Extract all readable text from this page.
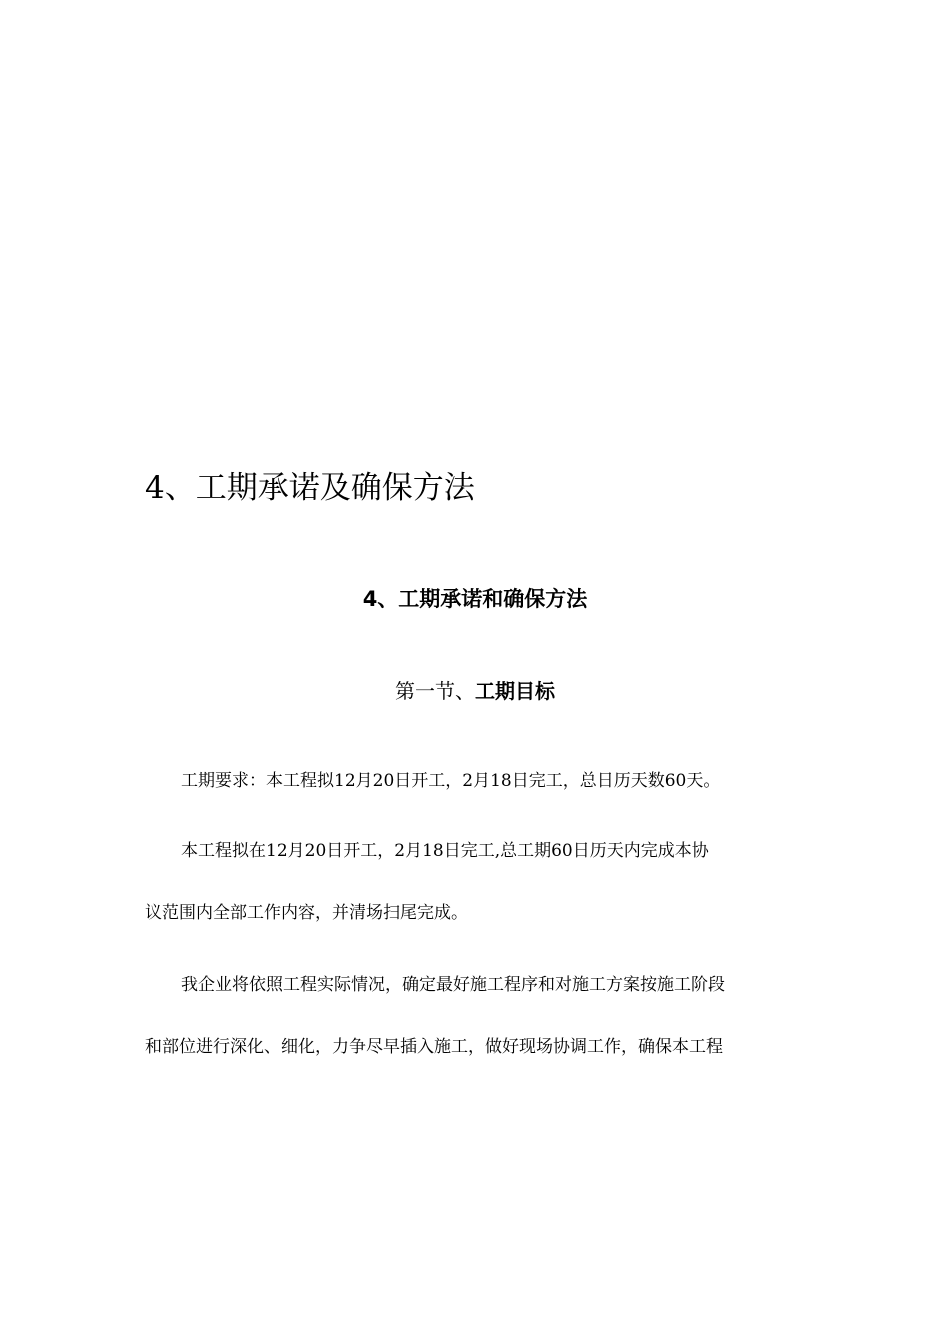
4、工期承诺及确保方法
4、工期承诺和确保方法
第一节、工期目标
工期要求：本工程拟12月20日开工，2月18日完工，总日历天数60天。
本工程拟在12月20日开工，2月18日完工,总工期60日历天内完成本协
议范围内全部工作内容，并清场扫尾完成。
我企业将依照工程实际情况，确定最好施工程序和对施工方案按施工阶段
和部位进行深化、细化，力争尽早插入施工，做好现场协调工作，确保本工程
